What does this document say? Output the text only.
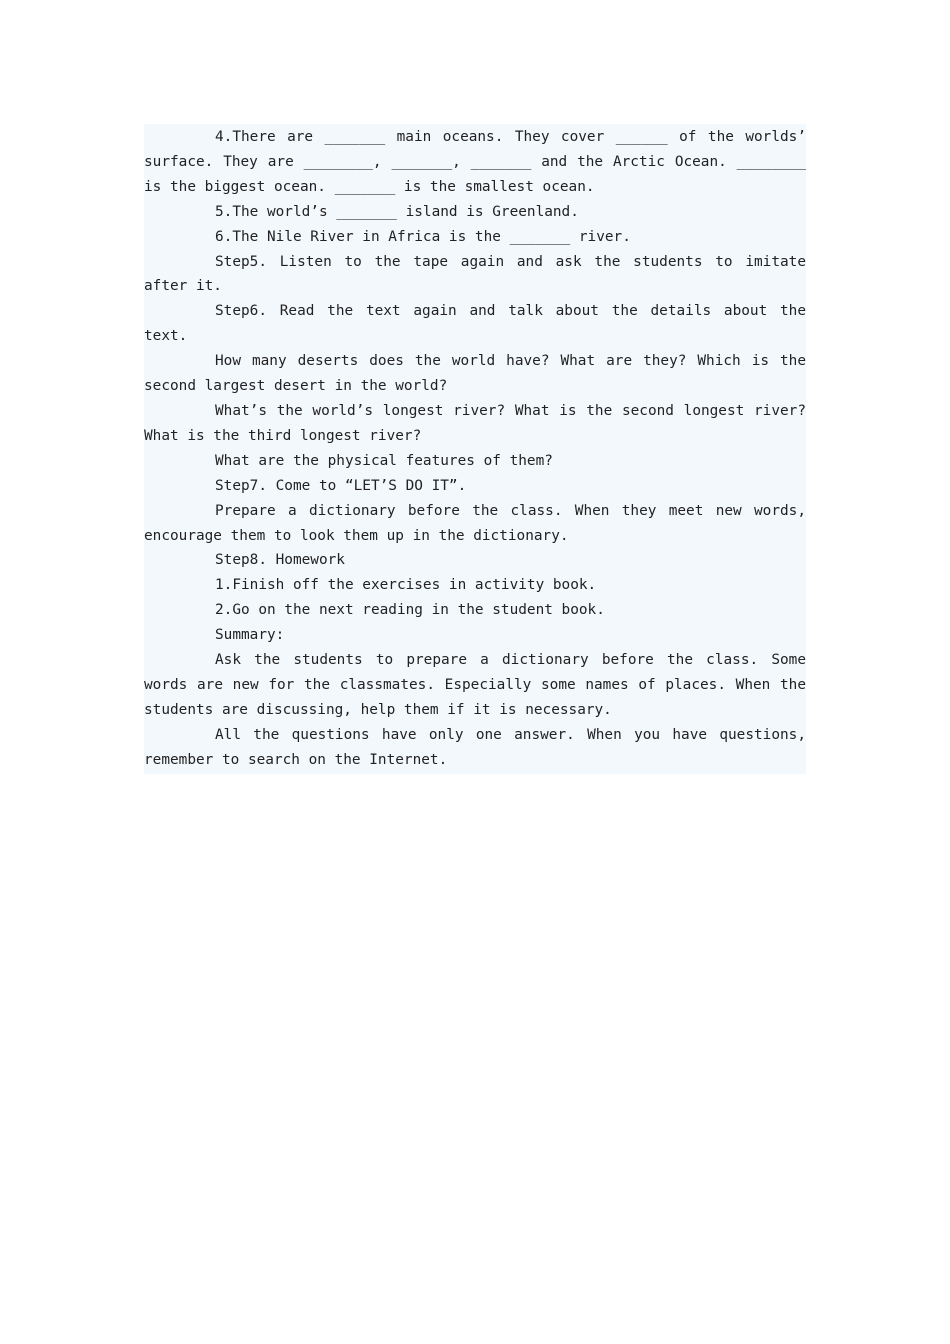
4.There are _______ main oceans. They cover ______ of the worlds’ surface. They are ________, _______, _______ and the Arctic Ocean. ________ is the biggest ocean. _______ is the smallest ocean.

5.The world’s _______ island is Greenland.

6.The Nile River in Africa is the _______ river.

Step5. Listen to the tape again and ask the students to imitate after it.

Step6. Read the text again and talk about the details about the text.

How many deserts does the world have? What are they? Which is the second largest desert in the world?

What’s the world’s longest river? What is the second longest river? What is the third longest river?

What are the physical features of them?

Step7. Come to “LET’S DO IT”.

Prepare a dictionary before the class. When they meet new words, encourage them to look them up in the dictionary.

Step8. Homework

1.Finish off the exercises in activity book.

2.Go on the next reading in the student book.

Summary:

Ask the students to prepare a dictionary before the class. Some words are new for the classmates. Especially some names of places. When the students are discussing, help them if it is necessary.

All the questions have only one answer. When you have questions, remember to search on the Internet.
